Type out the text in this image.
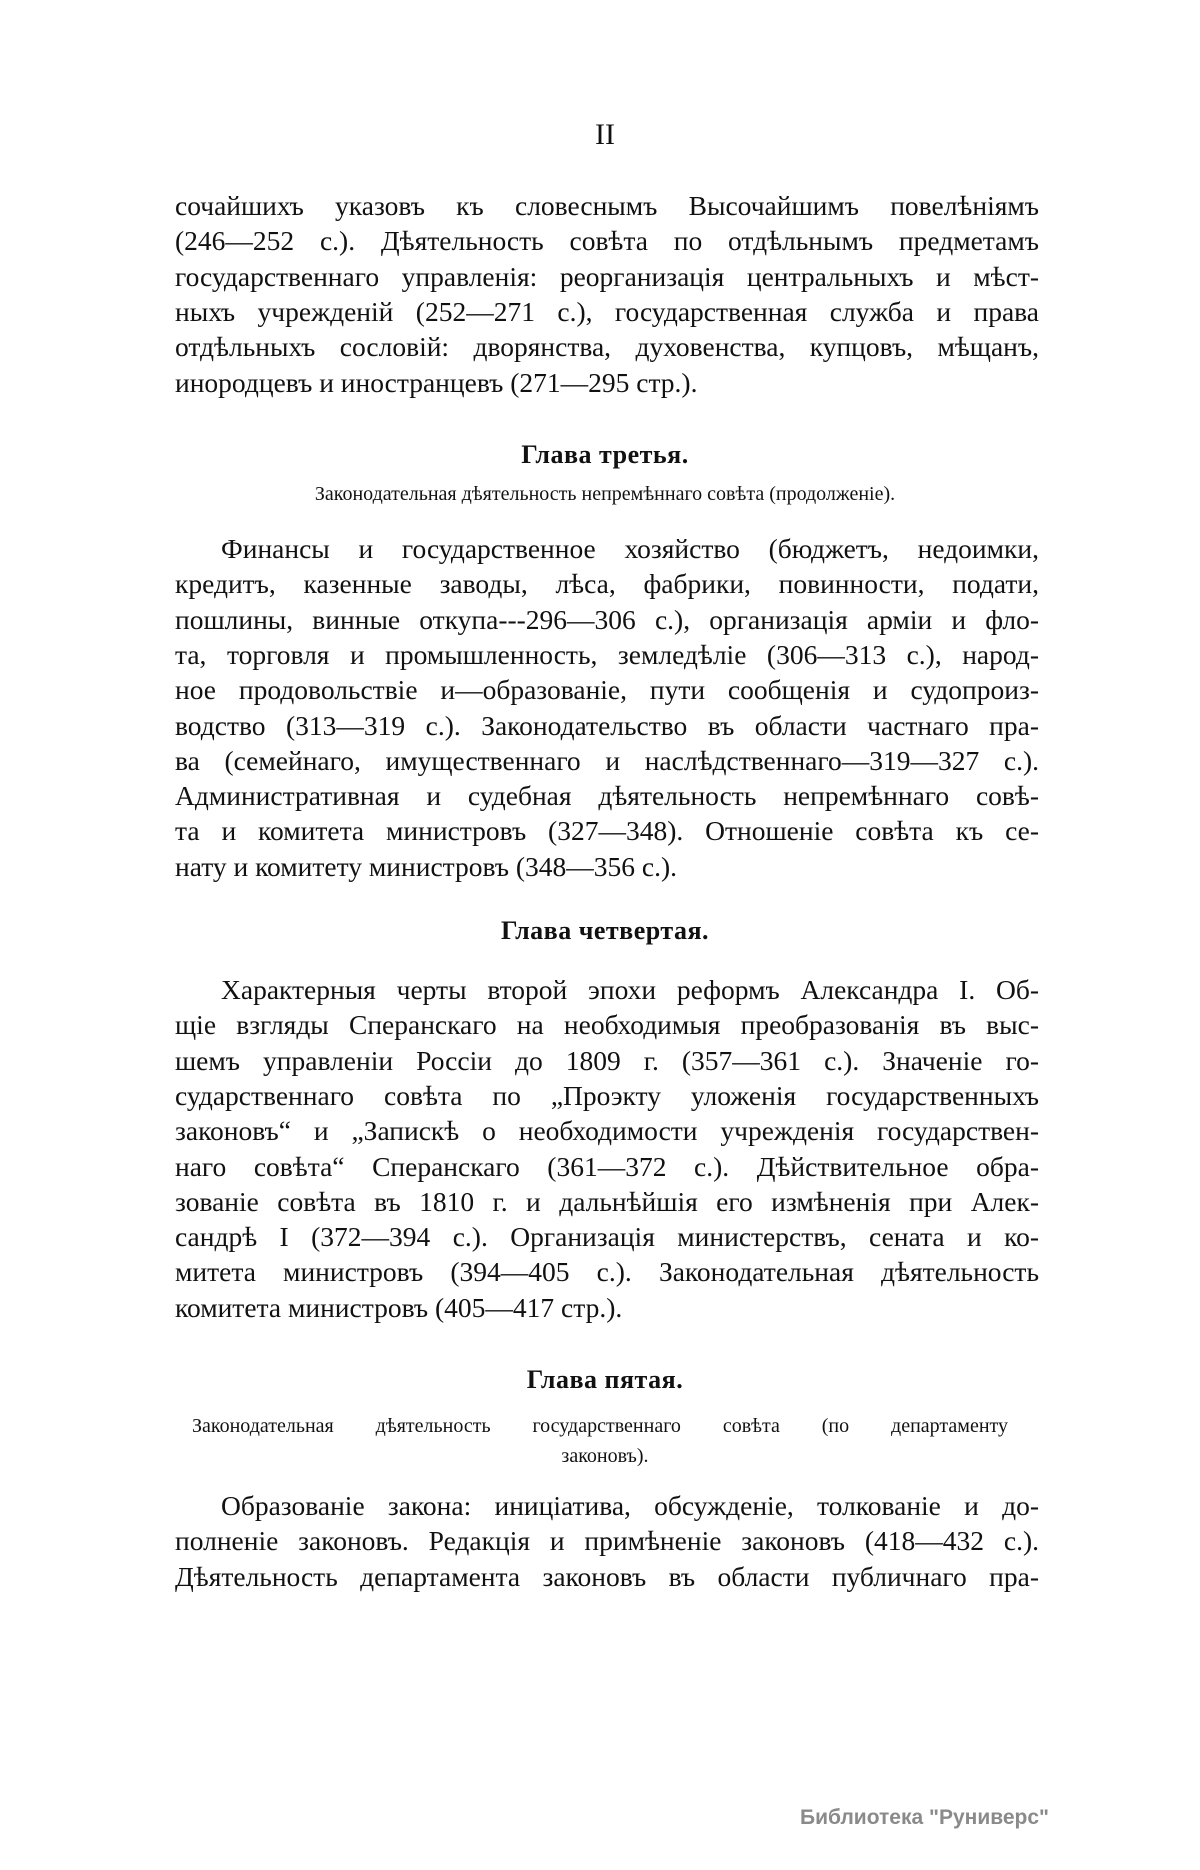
II
Библиотека "Руниверс"
сочайшихъ указовъ къ словеснымъ Высочайшимъ повелѣніямъ
(246—252 с.). Дѣятельность совѣта по отдѣльнымъ предметамъ
государственнаго управленія: реорганизація центральныхъ и мѣст-
ныхъ учрежденій (252—271 с.), государственная служба и права
отдѣльныхъ сословій: дворянства, духовенства, купцовъ, мѣщанъ,
инородцевъ и иностранцевъ (271—295 стр.).
Глава третья.
Законодательная дѣятельность непремѣннаго совѣта (продолженіе).
Финансы и государственное хозяйство (бюджетъ, недоимки,
кредитъ, казенные заводы, лѣса, фабрики, повинности, подати,
пошлины, винные откупа---296—306 с.), организація арміи и фло-
та, торговля и промышленность, земледѣліе (306—313 с.), народ-
ное продовольствіе и—образованіе, пути сообщенія и судопроиз-
водство (313—319 с.). Законодательство въ области частнаго пра-
ва (семейнаго, имущественнаго и наслѣдственнаго—319—327 с.).
Административная и судебная дѣятельность непремѣннаго совѣ-
та и комитета министровъ (327—348). Отношеніе совѣта къ се-
нату и комитету министровъ (348—356 с.).
Глава четвертая.
Характерныя черты второй эпохи реформъ Александра I. Об-
щіе взгляды Сперанскаго на необходимыя преобразованія въ выс-
шемъ управленіи Россіи до 1809 г. (357—361 с.). Значеніе го-
сударственнаго совѣта по „Проэкту уложенія государственныхъ
законовъ“ и „Запискѣ о необходимости учрежденія государствен-
наго совѣта“ Сперанскаго (361—372 с.). Дѣйствительное обра-
зованіе совѣта въ 1810 г. и дальнѣйшія его измѣненія при Алек-
сандрѣ I (372—394 с.). Организація министерствъ, сената и ко-
митета министровъ (394—405 с.). Законодательная дѣятельность
комитета министровъ (405—417 стр.).
Глава пятая.
Законодательная дѣятельность государственнаго совѣта (по департаменту
законовъ).
Образованіе закона: иниціатива, обсужденіе, толкованіе и до-
полненіе законовъ. Редакція и примѣненіе законовъ (418—432 с.).
Дѣятельность департамента законовъ въ области публичнаго пра-
